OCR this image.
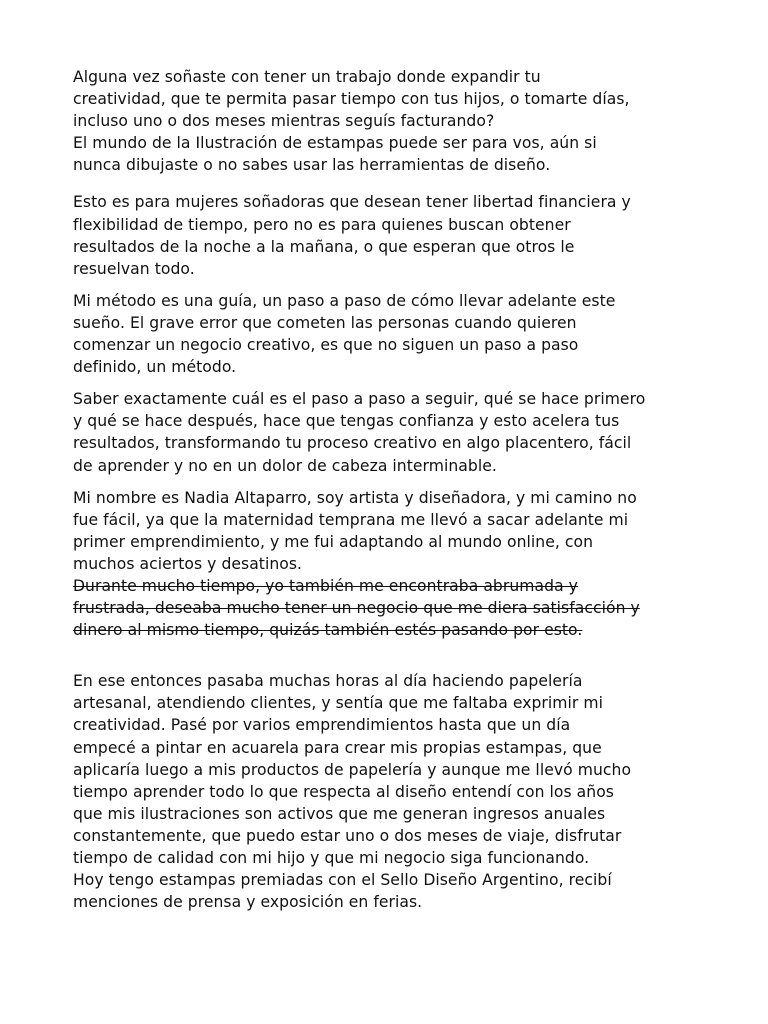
Alguna vez soñaste con tener un trabajo donde expandir tu
creatividad, que te permita pasar tiempo con tus hijos, o tomarte días,
incluso uno o dos meses mientras seguís facturando?
El mundo de la Ilustración de estampas puede ser para vos, aún si
nunca dibujaste o no sabes usar las herramientas de diseño.

Esto es para mujeres soñadoras que desean tener libertad financiera y
flexibilidad de tiempo, pero no es para quienes buscan obtener
resultados de la noche a la mañana, o que esperan que otros le
resuelvan todo.

Mi método es una guía, un paso a paso de cómo llevar adelante este
sueño. El grave error que cometen las personas cuando quieren
comenzar un negocio creativo, es que no siguen un paso a paso
definido, un método.

Saber exactamente cuál es el paso a paso a seguir, qué se hace primero
y qué se hace después, hace que tengas confianza y esto acelera tus
resultados, transformando tu proceso creativo en algo placentero, fácil
de aprender y no en un dolor de cabeza interminable.

Mi nombre es Nadia Altaparro, soy artista y diseñadora, y mi camino no
fue fácil, ya que la maternidad temprana me llevó a sacar adelante mi
primer emprendimiento, y me fui adaptando al mundo online, con
muchos aciertos y desatinos.
Durante mucho tiempo, yo también me encontraba abrumada y
frustrada, deseaba mucho tener un negocio que me diera satisfacción y
dinero al mismo tiempo, quizás también estés pasando por esto.

En ese entonces pasaba muchas horas al día haciendo papelería
artesanal, atendiendo clientes, y sentía que me faltaba exprimir mi
creatividad. Pasé por varios emprendimientos hasta que un día
empecé a pintar en acuarela para crear mis propias estampas, que
aplicaría luego a mis productos de papelería y aunque me llevó mucho
tiempo aprender todo lo que respecta al diseño entendí con los años
que mis ilustraciones son activos que me generan ingresos anuales
constantemente, que puedo estar uno o dos meses de viaje, disfrutar
tiempo de calidad con mi hijo y que mi negocio siga funcionando.
Hoy tengo estampas premiadas con el Sello Diseño Argentino, recibí
menciones de prensa y exposición en ferias.
